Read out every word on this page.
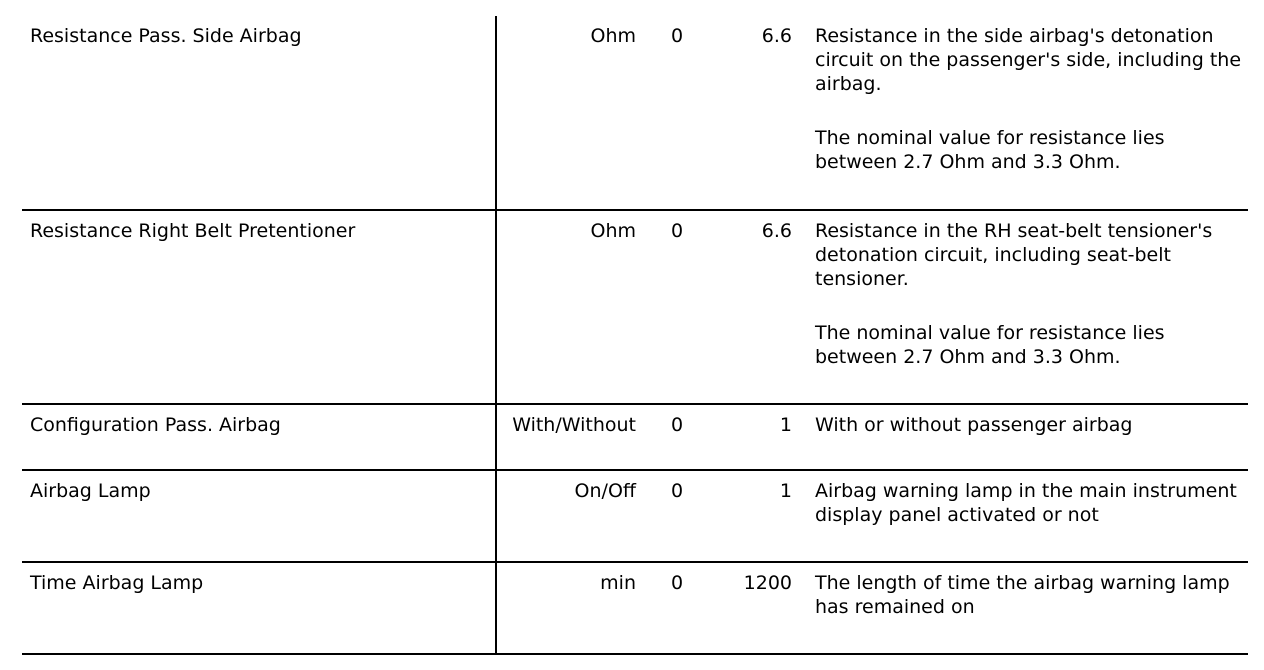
Resistance Pass. Side Airbag	Ohm	0	6.6 Resistance in the side airbag's detonation circuit on the passenger's side, including the airbag.

The nominal value for resistance lies between 2.7 Ohm and 3.3 Ohm.

Resistance Right Belt Pretentioner	Ohm	0	6.6 Resistance in the RH seat-belt tensioner's detonation circuit, including seat-belt tensioner.

The nominal value for resistance lies between 2.7 Ohm and 3.3 Ohm.

Configuration Pass. Airbag	With/Without	0	1 With or without passenger airbag

Airbag Lamp	On/Off	0	1 Airbag warning lamp in the main instrument display panel activated or not

Time Airbag Lamp	min	0	1200 The length of time the airbag warning lamp has remained on
